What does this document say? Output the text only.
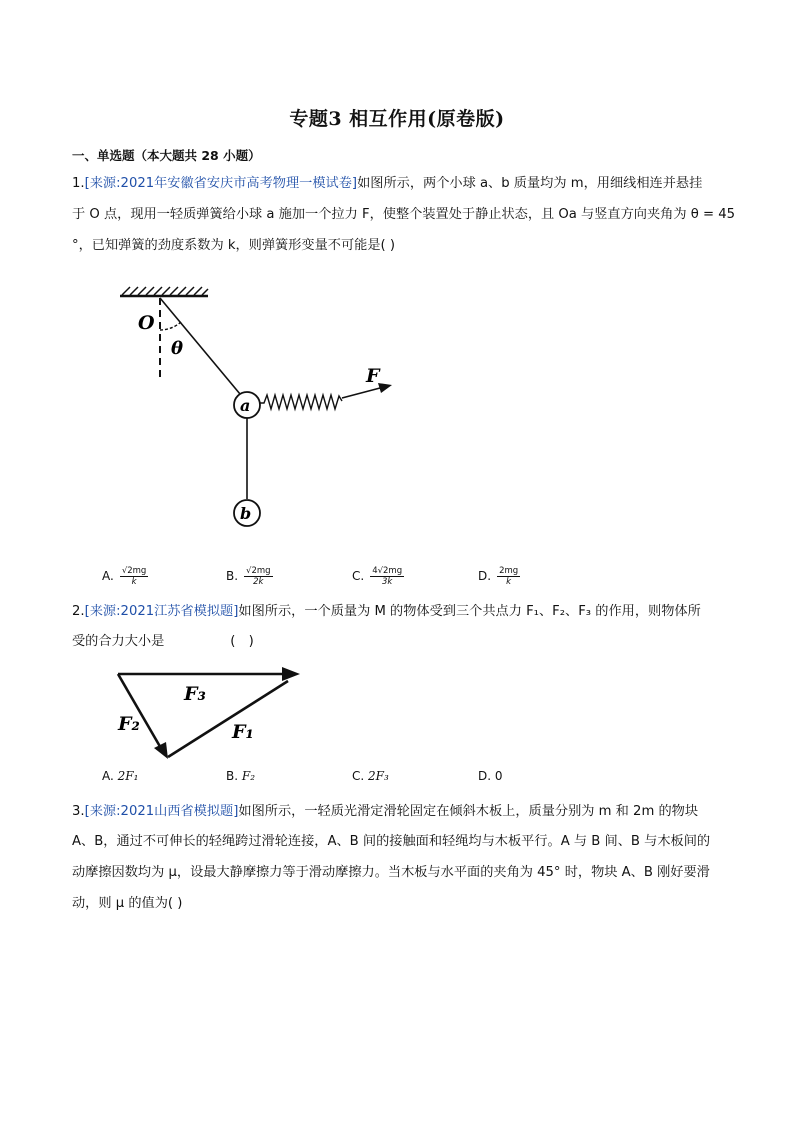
专题3 相互作用(原卷版)
一、单选题（本大题共 28 小题）
1.[来源:2021年安徽省安庆市高考物理一模试卷]如图所示，两个小球 a、b 质量均为 m，用细线相连并悬挂
于 O 点，现用一轻质弹簧给小球 a 施加一个拉力 F，使整个装置处于静止状态，且 Oa 与竖直方向夹角为 θ = 45
°，已知弹簧的劲度系数为 k，则弹簧形变量不可能是( )
O
θ
a
F
b
A. $\frac{√2mg}{k}$	B. $\frac{√2mg}{2k}$	C. $\frac{4√2mg}{3k}$	D. $\frac{2mg}{k}$
2.[来源:2021江苏省模拟题]如图所示，一个质量为 M 的物体受到三个共点力 F₁、F₂、F₃ 的作用，则物体所
受的合力大小是　　　　　(　)
F₃
F₂	F₁
A. 2F₁	B. F₂	C. 2F₃	D. 0
3.[来源:2021山西省模拟题]如图所示，一轻质光滑定滑轮固定在倾斜木板上，质量分别为 m 和 2m 的物块
A、B，通过不可伸长的轻绳跨过滑轮连接，A、B 间的接触面和轻绳均与木板平行。A 与 B 间、B 与木板间的
动摩擦因数均为 μ，设最大静摩擦力等于滑动摩擦力。当木板与水平面的夹角为 45° 时，物块 A、B 刚好要滑
动，则 μ 的值为( )
